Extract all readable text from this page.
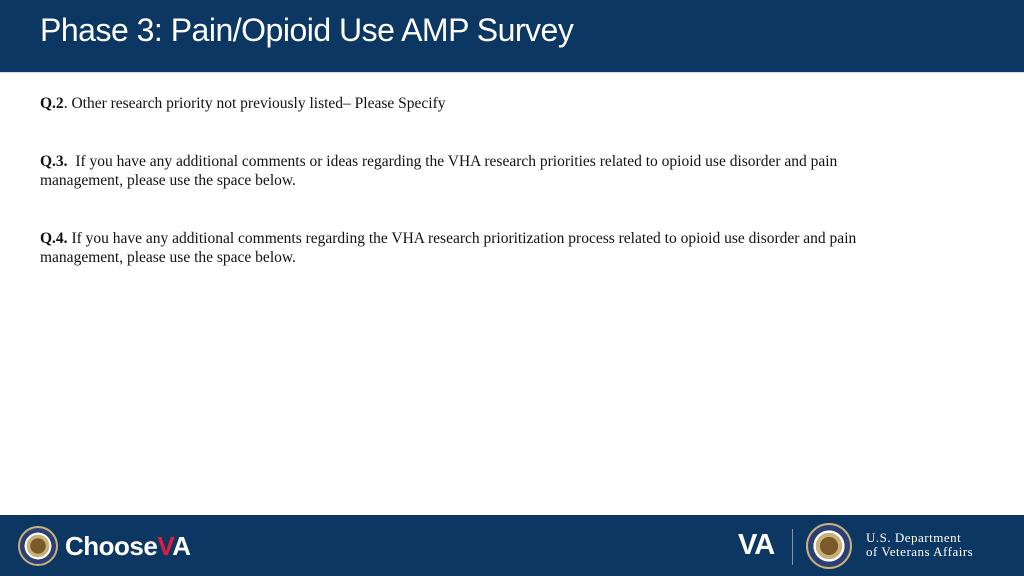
Phase 3: Pain/Opioid Use AMP Survey
Q.2. Other research priority not previously listed– Please Specify
Q.3.  If you have any additional comments or ideas regarding the VHA research priorities related to opioid use disorder and pain management, please use the space below.
Q.4. If you have any additional comments regarding the VHA research prioritization process related to opioid use disorder and pain management, please use the space below.
ChooseVA	VA	U.S. Department
of Veterans Affairs
